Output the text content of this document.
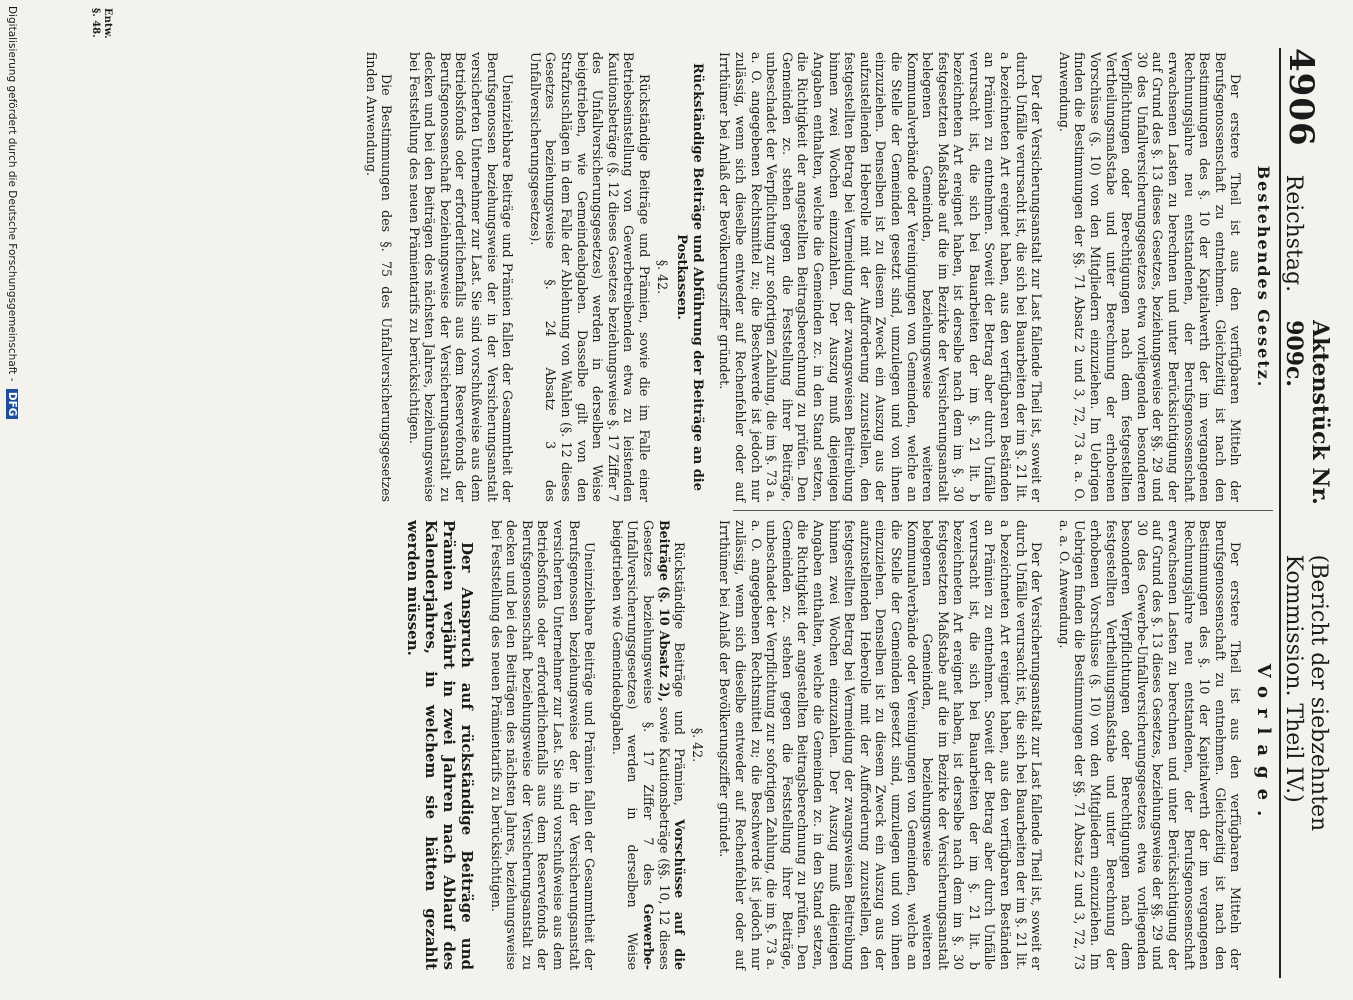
4906
Reichstag.
Aktenstück Nr. 909c.
(Bericht der siebzehnten Kommission. Theil IV.)
Bestehendes Gesetz.

Der erstere Theil ist aus den verfügbaren Mitteln der Berufsgenossenschaft zu entnehmen. Gleichzeitig ist nach den Bestimmungen des §. 10 der Kapitalwerth der im vergangenen Rechnungsjahre neu entstandenen, der Berufsgenossenschaft erwachsenen Lasten zu berechnen und unter Berücksichtigung der auf Grund des §. 13 dieses Gesetzes, beziehungsweise der §§. 29 und 30 des Unfallversicherungsgesetzes etwa vorliegenden besonderen Verpflichtungen oder Berechtigungen nach dem festgestellten Vertheilungsmaßstabe und unter Berechnung der erhobenen Vorschüsse (§. 10) von den Mitgliedern einzuziehen. Im Uebrigen finden die Bestimmungen der §§. 71 Absatz 2 und 3, 72, 73 a. a. O. Anwendung.

Der der Versicherungsanstalt zur Last fallende Theil ist, soweit er durch Unfälle verursacht ist, die sich bei Bauarbeiten der im §. 21 lit. a bezeichneten Art ereignet haben, aus den verfügbaren Beständen an Prämien zu entnehmen. Soweit der Betrag aber durch Unfälle verursacht ist, die sich bei Bauarbeiten der im §. 21 lit. b bezeichneten Art ereignet haben, ist derselbe nach dem im §. 30 festgesetzten Maßstabe auf die im Bezirke der Versicherungsanstalt belegenen Gemeinden, beziehungsweise weiteren Kommunalverbände oder Vereinigungen von Gemeinden, welche an die Stelle der Gemeinden gesetzt sind, umzulegen und von ihnen einzuziehen. Denselben ist zu diesem Zweck ein Auszug aus der aufzustellenden Heberolle mit der Aufforderung zuzustellen, den festgestellten Betrag bei Vermeidung der zwangsweisen Beitreibung binnen zwei Wochen einzuzahlen. Der Auszug muß diejenigen Angaben enthalten, welche die Gemeinden zc. in den Stand setzen, die Richtigkeit der angestellten Beitragsberechnung zu prüfen. Den Gemeinden zc. stehen gegen die Feststellung ihrer Beiträge, unbeschadet der Verpflichtung zur sofortigen Zahlung, die im §. 73 a. a. O. angegebenen Rechtsmittel zu; die Beschwerde ist jedoch nur zulässig, wenn sich dieselbe entweder auf Rechenfehler oder auf Irrthümer bei Anlaß der Bevölkerungsziffer gründet.

Rückständige Beiträge und Abführung der Beiträge an die Postkassen.
§. 42.

Rückständige Beiträge und Prämien, sowie die im Falle einer Betriebseinstellung von Gewerbetreibenden etwa zu leistenden Kautionsbeträge (§. 12 dieses Gesetzes beziehungsweise §. 17 Ziffer 7 des Unfallversicherungsgesetzes) werden in derselben Weise beigetrieben, wie Gemeindeabgaben. Dasselbe gilt von den Strafzuschlägen in dem Falle der Ablehnung von Wahlen (§. 12 dieses Gesetzes beziehungsweise §. 24 Absatz 3 des Unfallversicherungsgesetzes).

Uneinziehbare Beiträge und Prämien fallen der Gesammtheit der Berufsgenossen beziehungsweise der in der Versicherungsanstalt versicherten Unternehmer zur Last. Sie sind vorschußweise aus dem Betriebsfonds oder erforderlichenfalls aus dem Reservefonds der Berufsgenossenschaft beziehungsweise der Versicherungsanstalt zu decken und bei den Beiträgen des nächsten Jahres, beziehungsweise bei Feststellung des neuen Prämientarifs zu berücksichtigen.

Die Bestimmungen des §. 75 des Unfallversicherungsgesetzes finden Anwendung.

Vorlage.

Der erstere Theil ist aus den verfügbaren Mitteln der Berufsgenossenschaft zu entnehmen. Gleichzeitig ist nach den Bestimmungen des §. 10 der Kapitalwerth der im vergangenen Rechnungsjahre neu entstandenen, der Berufsgenossenschaft erwachsenen Lasten zu berechnen und unter Berücksichtigung der auf Grund des §. 13 dieses Gesetzes, beziehungsweise der §§. 29 und 30 des Gewerbe-Unfallversicherungsgesetzes etwa vorliegenden besonderen Verpflichtungen oder Berechtigungen nach dem festgestellten Vertheilungsmaßstabe und unter Berechnung der erhobenen Vorschüsse (§. 10) von den Mitgliedern einzuziehen. Im Uebrigen finden die Bestimmungen der §§. 71 Absatz 2 und 3, 72, 73 a. a. O. Anwendung.

Der der Versicherungsanstalt zur Last fallende Theil ist, soweit er durch Unfälle verursacht ist, die sich bei Bauarbeiten der im §. 21 lit. a bezeichneten Art ereignet haben, aus den verfügbaren Beständen an Prämien zu entnehmen. Soweit der Betrag aber durch Unfälle verursacht ist, die sich bei Bauarbeiten der im §. 21 lit. b bezeichneten Art ereignet haben, ist derselbe nach dem im §. 30 festgesetzten Maßstabe auf die im Bezirke der Versicherungsanstalt belegenen Gemeinden, beziehungsweise weiteren Kommunalverbände oder Vereinigungen von Gemeinden, welche an die Stelle der Gemeinden gesetzt sind, umzulegen und von ihnen einzuziehen. Denselben ist zu diesem Zweck ein Auszug aus der aufzustellenden Heberolle mit der Aufforderung zuzustellen, den festgestellten Betrag bei Vermeidung der zwangsweisen Beitreibung binnen zwei Wochen einzuzahlen. Der Auszug muß diejenigen Angaben enthalten, welche die Gemeinden zc. in den Stand setzen, die Richtigkeit der angestellten Beitragsberechnung zu prüfen. Den Gemeinden zc. stehen gegen die Feststellung ihrer Beiträge, unbeschadet der Verpflichtung zur sofortigen Zahlung, die im §. 73 a. a. O. angegebenen Rechtsmittel zu; die Beschwerde ist jedoch nur zulässig, wenn sich dieselbe entweder auf Rechenfehler oder auf Irrthümer bei Anlaß der Bevölkerungsziffer gründet.

§. 42.

Rückständige Beiträge und Prämien, Vorschüsse auf die Beiträge (§. 10 Absatz 2), sowie Kautionsbeträge (§§. 10, 12 dieses Gesetzes beziehungsweise §. 17 Ziffer 7 des Gewerbe-Unfallversicherungsgesetzes) werden in derselben Weise beigetrieben wie Gemeindeabgaben.

Uneinziehbare Beiträge und Prämien fallen der Gesammtheit der Berufsgenossen beziehungsweise der in der Versicherungsanstalt versicherten Unternehmer zur Last. Sie sind vorschußweise aus dem Betriebsfonds oder erforderlichenfalls aus dem Reservefonds der Berufsgenossenschaft beziehungsweise der Versicherungsanstalt zu decken und bei den Beiträgen des nächsten Jahres, beziehungsweise bei Feststellung des neuen Prämientarifs zu berücksichtigen.

Der Anspruch auf rückständige Beiträge und Prämien verjährt in zwei Jahren nach Ablauf des Kalenderjahres, in welchem sie hätten gezahlt werden müssen.

Entw. §. 48.
Digitalisierung gefördert durch die Deutsche Forschungsgemeinschaft - DFG
